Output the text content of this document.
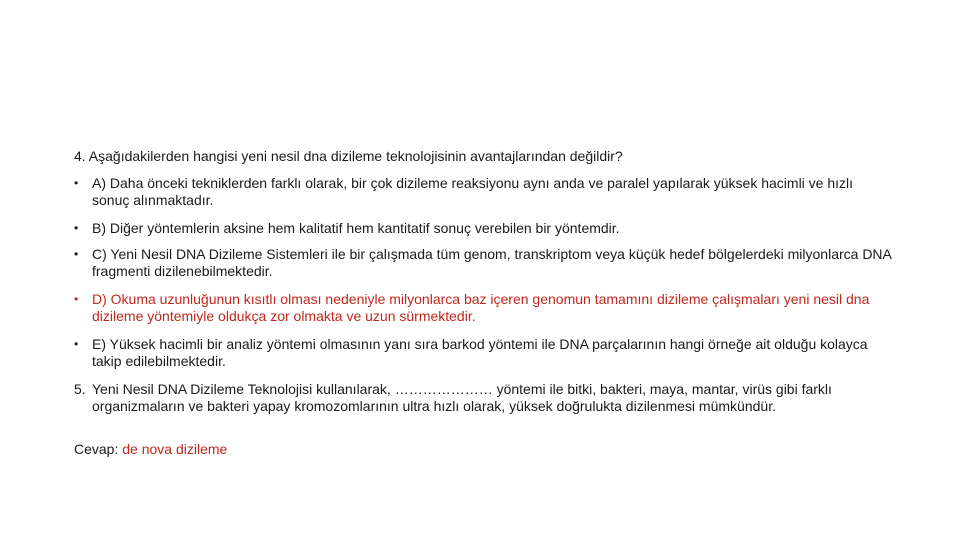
4. Aşağıdakilerden hangisi yeni nesil dna dizileme teknolojisinin avantajlarından değildir?
• A) Daha önceki tekniklerden farklı olarak, bir çok dizileme reaksiyonu aynı anda ve paralel yapılarak yüksek hacimli ve hızlı sonuç alınmaktadır.
• B) Diğer yöntemlerin aksine hem kalitatif hem kantitatif sonuç verebilen bir yöntemdir.
• C) Yeni Nesil DNA Dizileme Sistemleri ile bir çalışmada tüm genom, transkriptom veya küçük hedef bölgelerdeki milyonlarca DNA fragmenti dizilenebilmektedir.
• D) Okuma uzunluğunun kısıtlı olması nedeniyle milyonlarca baz içeren genomun tamamını dizileme çalışmaları yeni nesil dna dizileme yöntemiyle oldukça zor olmakta ve uzun sürmektedir.
• E) Yüksek hacimli bir analiz yöntemi olmasının yanı sıra barkod yöntemi ile DNA parçalarının hangi örneğe ait olduğu kolayca takip edilebilmektedir.
5. Yeni Nesil DNA Dizileme Teknolojisi kullanılarak, ………………… yöntemi ile bitki, bakteri, maya, mantar, virüs gibi farklı organizmaların ve bakteri yapay kromozomlarının ultra hızlı olarak, yüksek doğrulukta dizilenmesi mümkündür.
Cevap: de nova dizileme
